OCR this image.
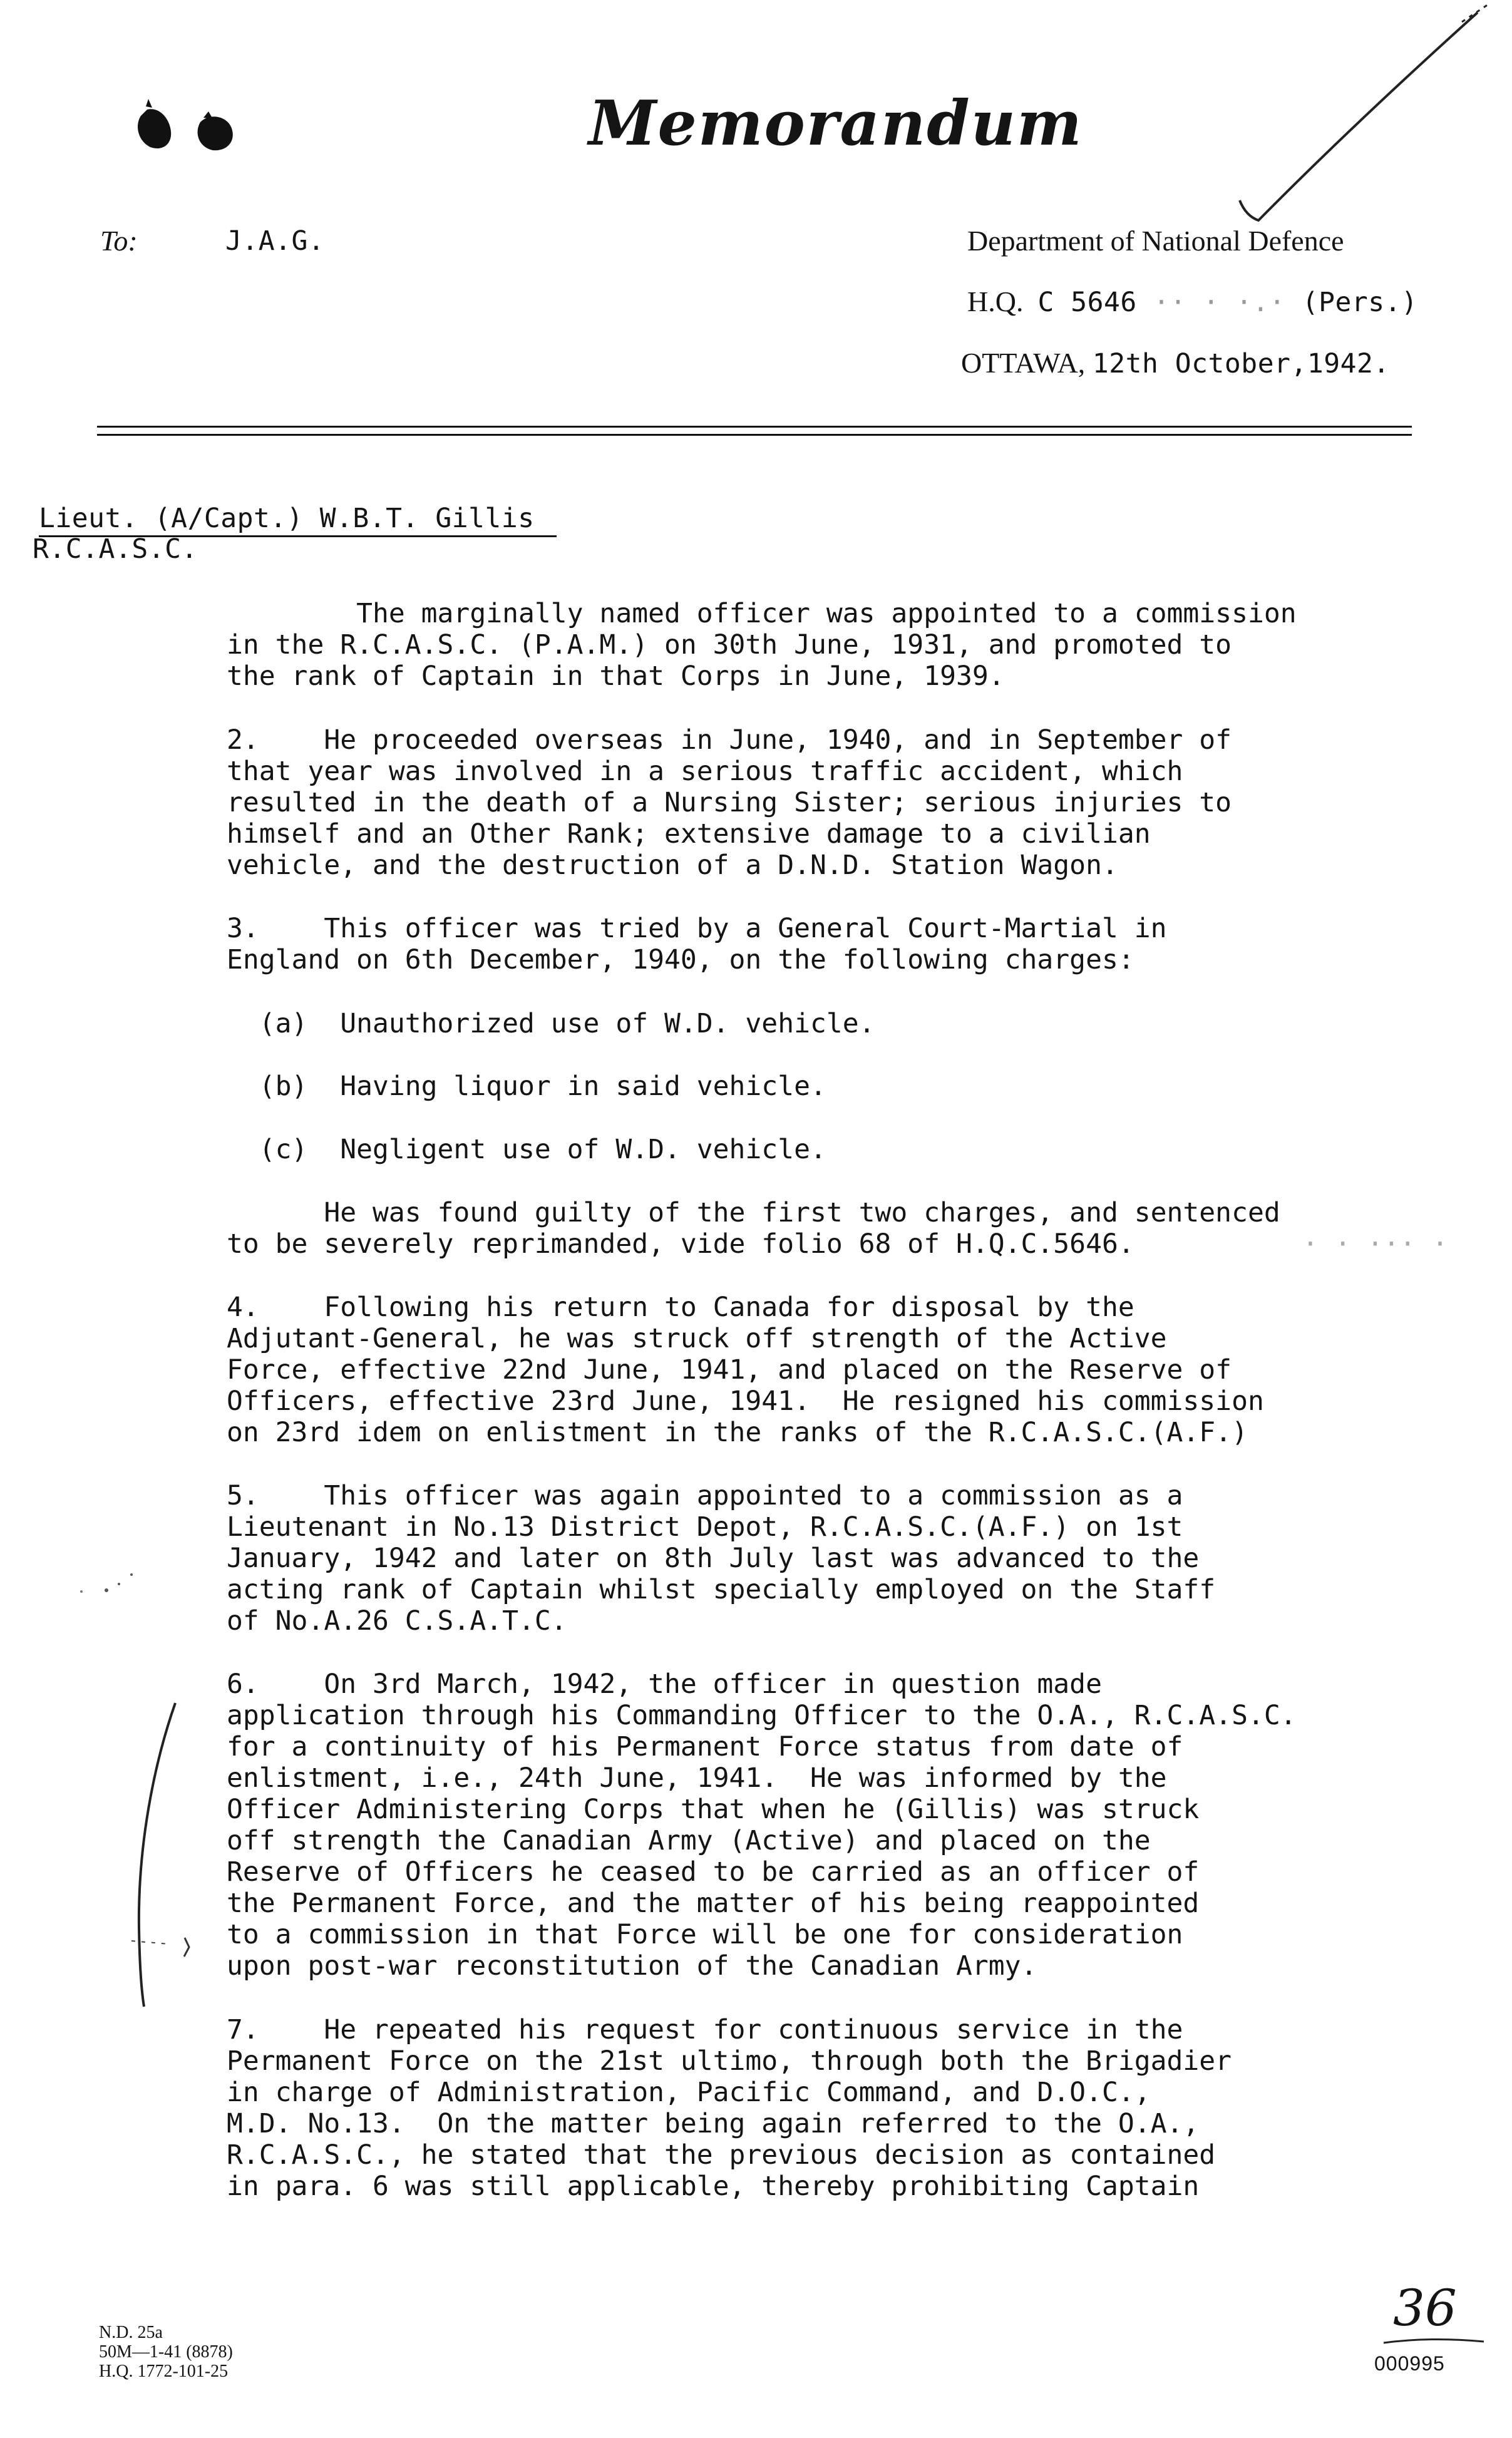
Memorandum
To:	J.A.G.	Department of National Defence
H.Q. C 5646 ·· · ·.· (Pers.)
OTTAWA, 12th October,1942.
Lieut. (A/Capt.) W.B.T. Gillis
R.C.A.S.C.
The marginally named officer was appointed to a commission
in the R.C.A.S.C. (P.A.M.) on 30th June, 1931, and promoted to
the rank of Captain in that Corps in June, 1939.
2.    He proceeded overseas in June, 1940, and in September of
that year was involved in a serious traffic accident, which
resulted in the death of a Nursing Sister; serious injuries to
himself and an Other Rank; extensive damage to a civilian
vehicle, and the destruction of a D.N.D. Station Wagon.
3.    This officer was tried by a General Court-Martial in
England on 6th December, 1940, on the following charges:
(a)  Unauthorized use of W.D. vehicle.
(b)  Having liquor in said vehicle.
(c)  Negligent use of W.D. vehicle.
He was found guilty of the first two charges, and sentenced
to be severely reprimanded, vide folio 68 of H.Q.C.5646.	· · ··· ·
4.    Following his return to Canada for disposal by the
Adjutant-General, he was struck off strength of the Active
Force, effective 22nd June, 1941, and placed on the Reserve of
Officers, effective 23rd June, 1941.  He resigned his commission
on 23rd idem on enlistment in the ranks of the R.C.A.S.C.(A.F.)
5.    This officer was again appointed to a commission as a
Lieutenant in No.13 District Depot, R.C.A.S.C.(A.F.) on 1st
January, 1942 and later on 8th July last was advanced to the
acting rank of Captain whilst specially employed on the Staff
of No.A.26 C.S.A.T.C.
6.    On 3rd March, 1942, the officer in question made
application through his Commanding Officer to the O.A., R.C.A.S.C.
for a continuity of his Permanent Force status from date of
enlistment, i.e., 24th June, 1941.  He was informed by the
Officer Administering Corps that when he (Gillis) was struck
off strength the Canadian Army (Active) and placed on the
Reserve of Officers he ceased to be carried as an officer of
the Permanent Force, and the matter of his being reappointed
to a commission in that Force will be one for consideration
upon post-war reconstitution of the Canadian Army.
7.    He repeated his request for continuous service in the
Permanent Force on the 21st ultimo, through both the Brigadier
in charge of Administration, Pacific Command, and D.O.C.,
M.D. No.13.  On the matter being again referred to the O.A.,
R.C.A.S.C., he stated that the previous decision as contained
in para. 6 was still applicable, thereby prohibiting Captain
N.D. 25a
50M—1-41 (8878)
H.Q. 1772-101-25
36
000995
